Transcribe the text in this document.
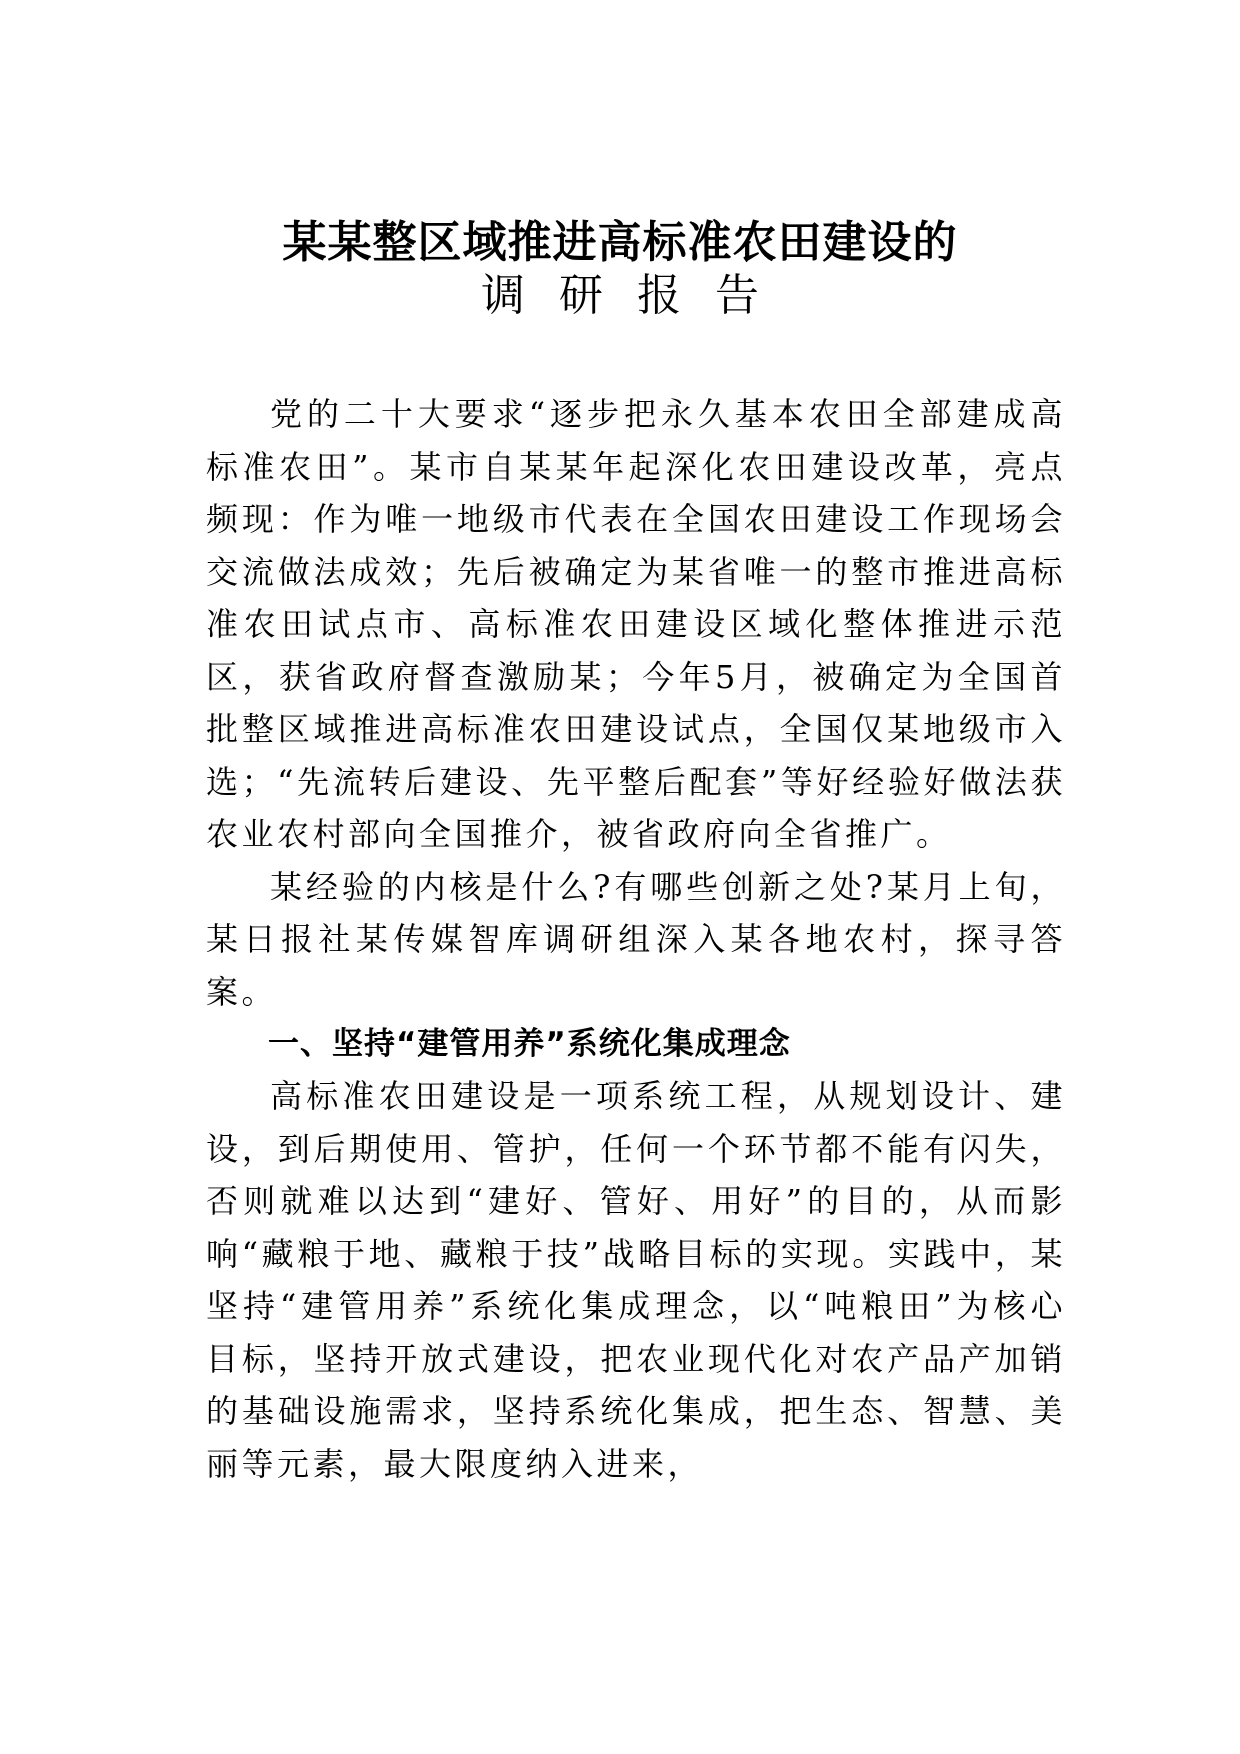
某某整区域推进高标准农田建设的
调研报告

党的二十大要求“逐步把永久基本农田全部建成高标准农田”。某市自某某年起深化农田建设改革，亮点频现：作为唯一地级市代表在全国农田建设工作现场会交流做法成效；先后被确定为某省唯一的整市推进高标准农田试点市、高标准农田建设区域化整体推进示范区，获省政府督查激励某；今年5月，被确定为全国首批整区域推进高标准农田建设试点，全国仅某地级市入选；“先流转后建设、先平整后配套”等好经验好做法获农业农村部向全国推介，被省政府向全省推广。

某经验的内核是什么?有哪些创新之处?某月上旬，某日报社某传媒智库调研组深入某各地农村，探寻答案。

一、坚持“建管用养”系统化集成理念

高标准农田建设是一项系统工程，从规划设计、建设，到后期使用、管护，任何一个环节都不能有闪失，否则就难以达到“建好、管好、用好”的目的，从而影响“藏粮于地、藏粮于技”战略目标的实现。实践中，某坚持“建管用养”系统化集成理念，以“吨粮田”为核心目标，坚持开放式建设，把农业现代化对农产品产加销的基础设施需求，坚持系统化集成，把生态、智慧、美丽等元素，最大限度纳入进来，
